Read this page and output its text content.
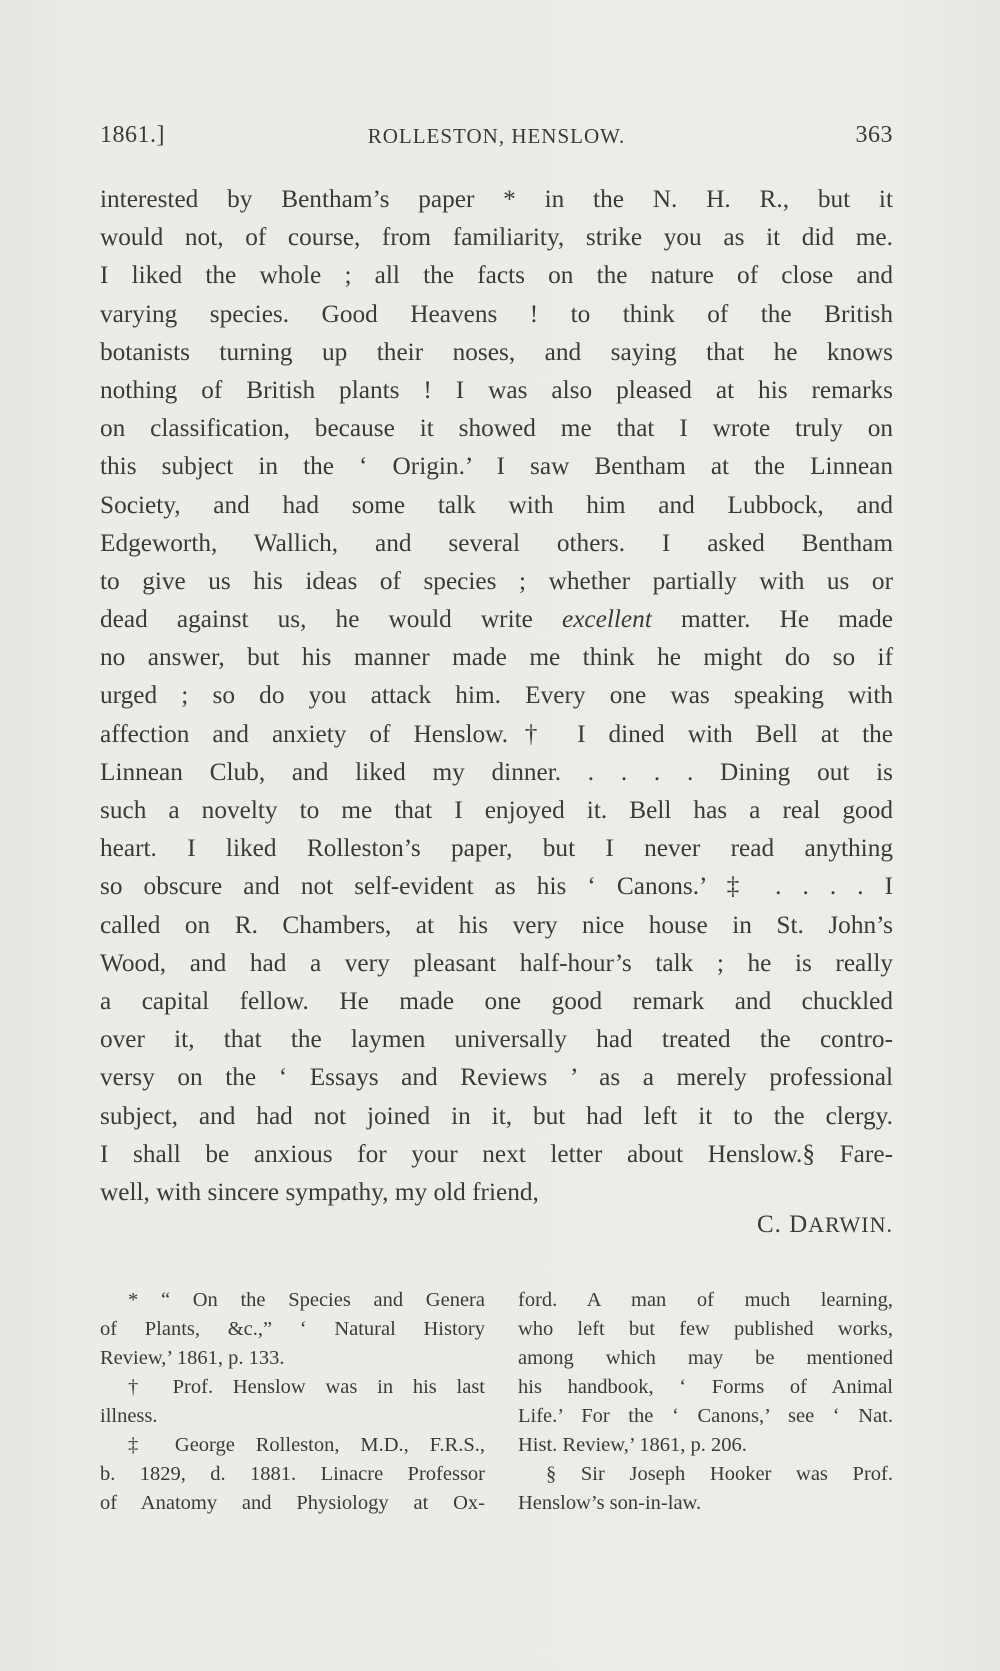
1861.]	ROLLESTON, HENSLOW.	363
interested by Bentham’s paper * in the N. H. R., but it
would not, of course, from familiarity, strike you as it did me.
I liked the whole ; all the facts on the nature of close and
varying species. Good Heavens ! to think of the British
botanists turning up their noses, and saying that he knows
nothing of British plants ! I was also pleased at his remarks
on classification, because it showed me that I wrote truly on
this subject in the ‘ Origin.’ I saw Bentham at the Linnean
Society, and had some talk with him and Lubbock, and
Edgeworth, Wallich, and several others. I asked Bentham
to give us his ideas of species ; whether partially with us or
dead against us, he would write excellent matter. He made
no answer, but his manner made me think he might do so if
urged ; so do you attack him. Every one was speaking with
affection and anxiety of Henslow.† I dined with Bell at the
Linnean Club, and liked my dinner. . . . . Dining out is
such a novelty to me that I enjoyed it. Bell has a real good
heart. I liked Rolleston’s paper, but I never read anything
so obscure and not self-evident as his ‘ Canons.’ ‡ . . . . I
called on R. Chambers, at his very nice house in St. John’s
Wood, and had a very pleasant half-hour’s talk ; he is really
a capital fellow. He made one good remark and chuckled
over it, that the laymen universally had treated the contro-
versy on the ‘ Essays and Reviews ’ as a merely professional
subject, and had not joined in it, but had left it to the clergy.
I shall be anxious for your next letter about Henslow.§ Fare-
well, with sincere sympathy, my old friend,
C. DARWIN.
* “ On the Species and Genera
of Plants, &c.,” ‘ Natural History
Review,’ 1861, p. 133.
† Prof. Henslow was in his last
illness.
‡ George Rolleston, M.D., F.R.S.,
b. 1829, d. 1881. Linacre Professor
of Anatomy and Physiology at Ox-
ford. A man of much learning,
who left but few published works,
among which may be mentioned
his handbook, ‘ Forms of Animal
Life.’ For the ‘ Canons,’ see ‘ Nat.
Hist. Review,’ 1861, p. 206.
§ Sir Joseph Hooker was Prof.
Henslow’s son-in-law.
